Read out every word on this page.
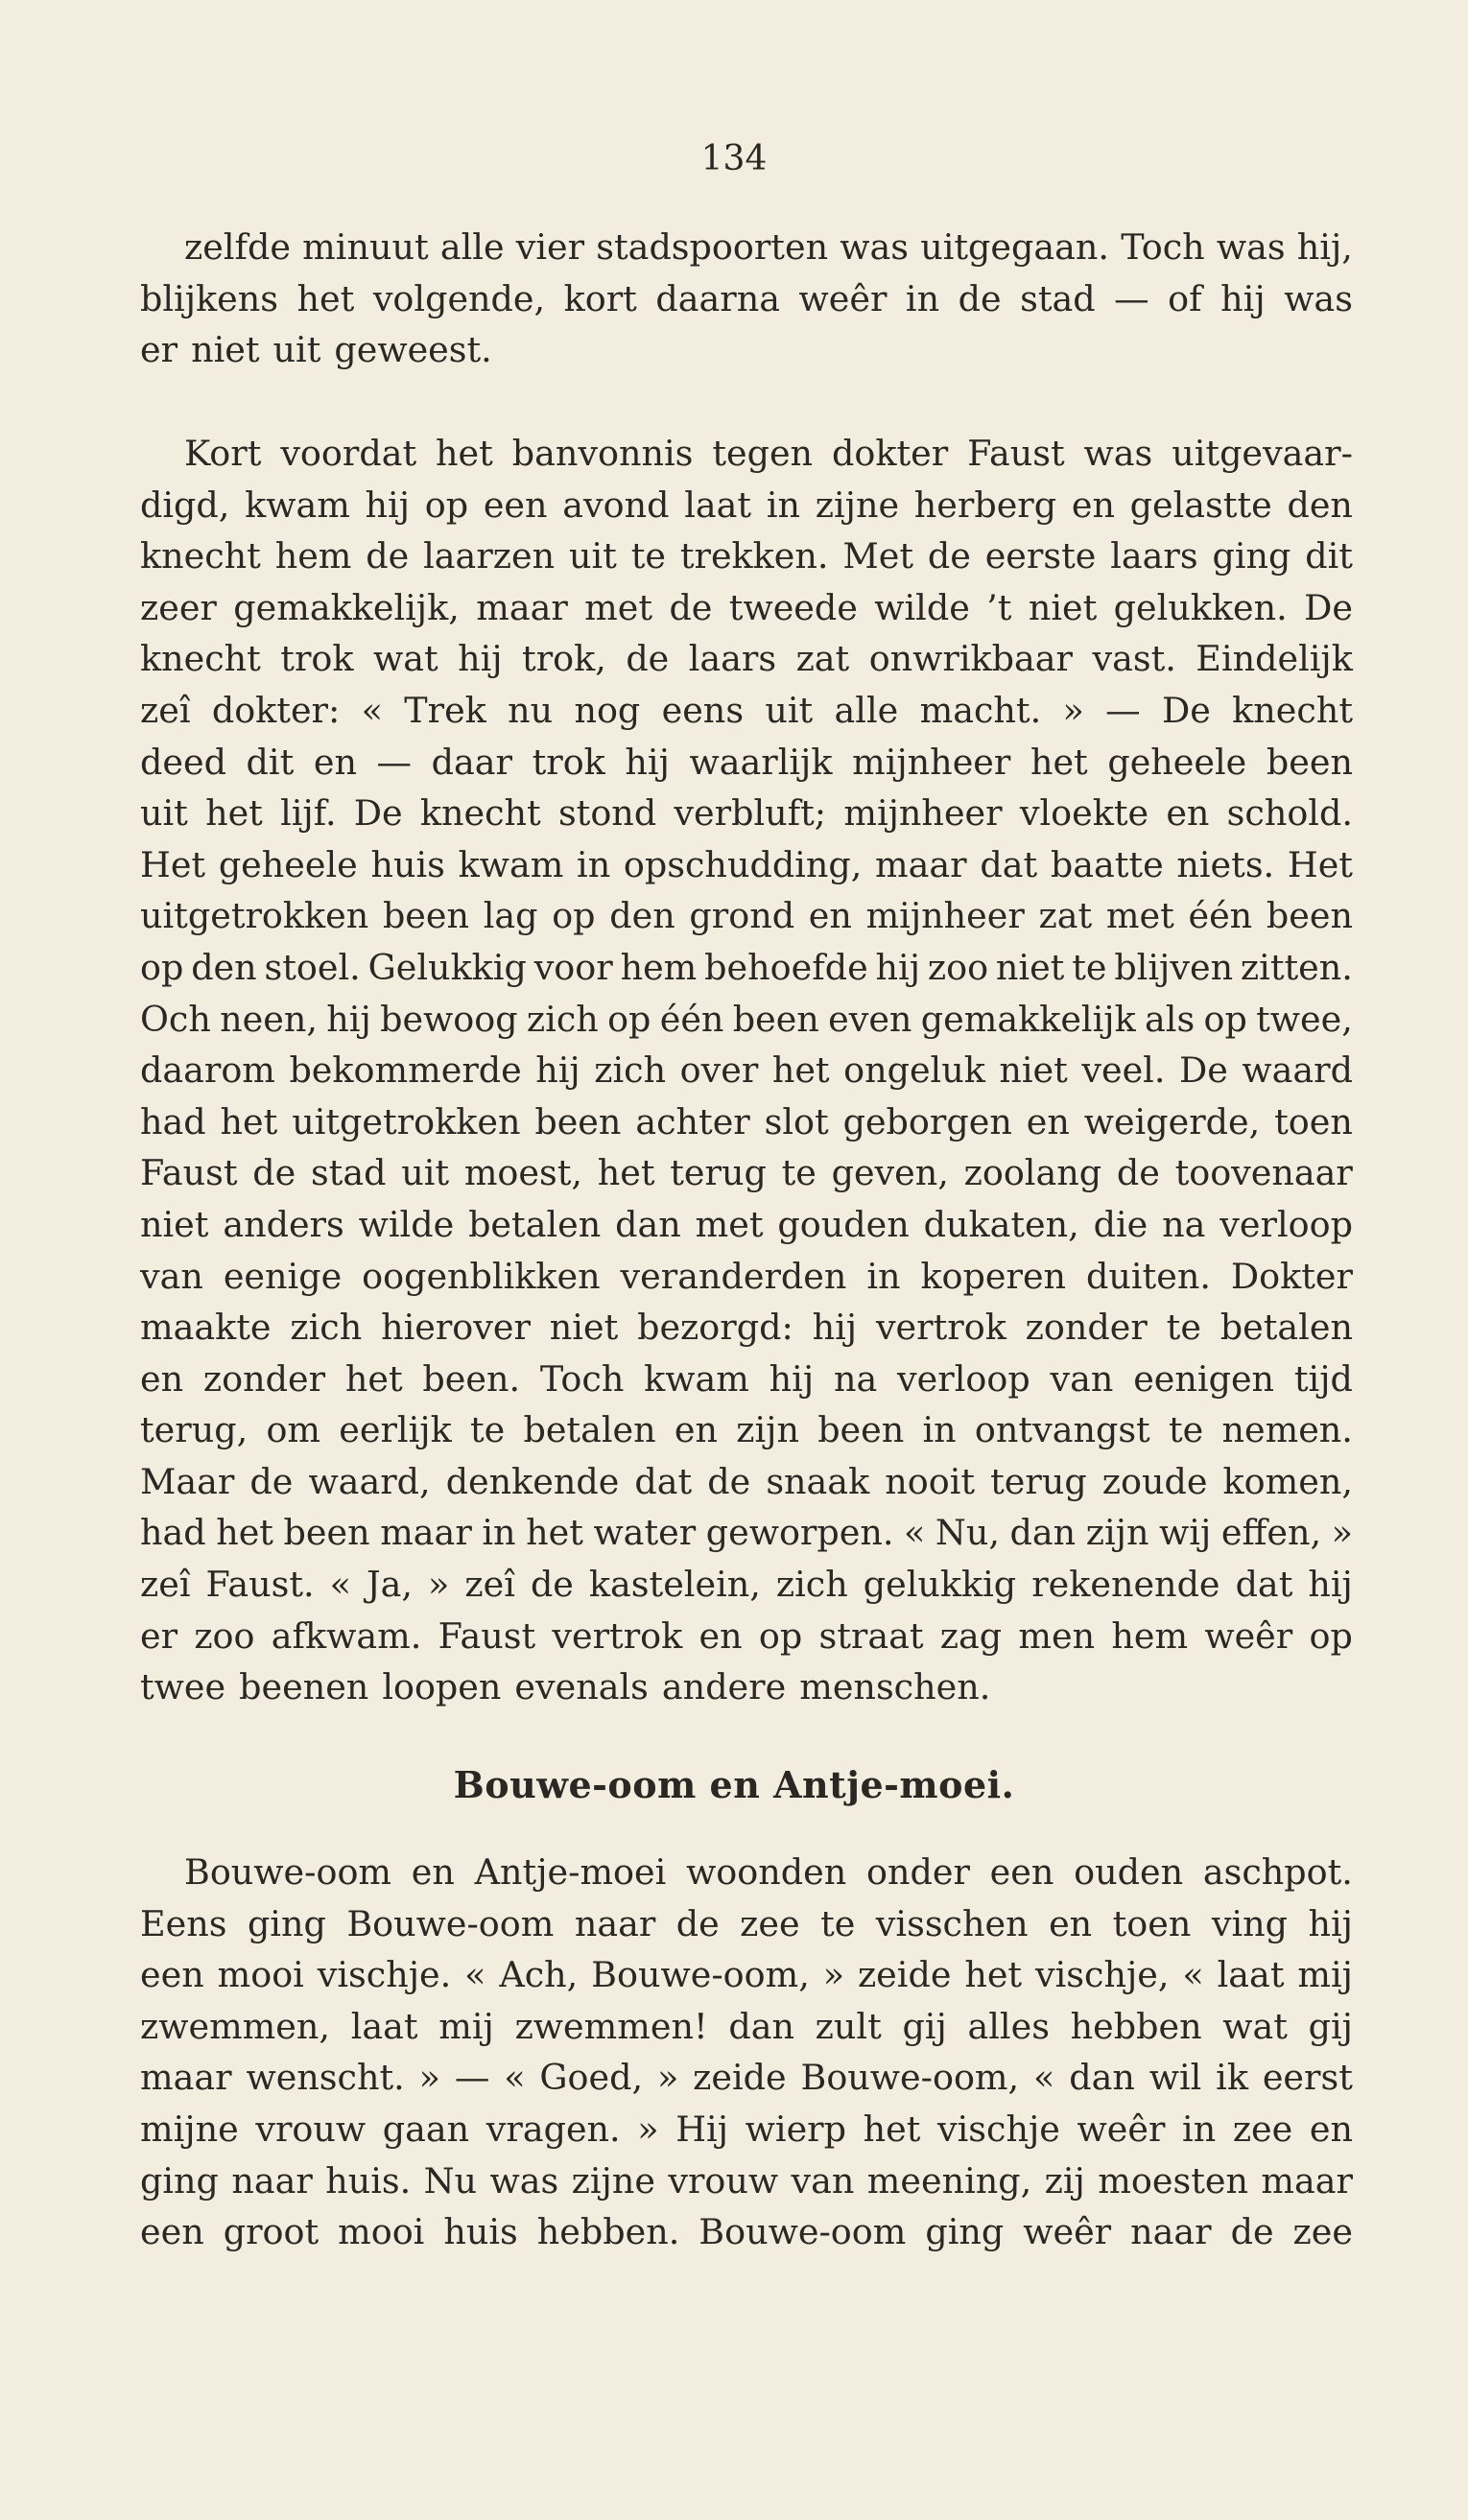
134
zelfde minuut alle vier stadspoorten was uitgegaan. Toch was hij,
blijkens het volgende, kort daarna weêr in de stad — of hij was
er niet uit geweest.
Kort voordat het banvonnis tegen dokter Faust was uitgevaar-
digd, kwam hij op een avond laat in zijne herberg en gelastte den
knecht hem de laarzen uit te trekken. Met de eerste laars ging dit
zeer gemakkelijk, maar met de tweede wilde ’t niet gelukken. De
knecht trok wat hij trok, de laars zat onwrikbaar vast. Eindelijk
zeî dokter: « Trek nu nog eens uit alle macht. » — De knecht
deed dit en — daar trok hij waarlijk mijnheer het geheele been
uit het lijf. De knecht stond verbluft; mijnheer vloekte en schold.
Het geheele huis kwam in opschudding, maar dat baatte niets. Het
uitgetrokken been lag op den grond en mijnheer zat met één been
op den stoel. Gelukkig voor hem behoefde hij zoo niet te blijven zitten.
Och neen, hij bewoog zich op één been even gemakkelijk als op twee,
daarom bekommerde hij zich over het ongeluk niet veel. De waard
had het uitgetrokken been achter slot geborgen en weigerde, toen
Faust de stad uit moest, het terug te geven, zoolang de toovenaar
niet anders wilde betalen dan met gouden dukaten, die na verloop
van eenige oogenblikken veranderden in koperen duiten. Dokter
maakte zich hierover niet bezorgd: hij vertrok zonder te betalen
en zonder het been. Toch kwam hij na verloop van eenigen tijd
terug, om eerlijk te betalen en zijn been in ontvangst te nemen.
Maar de waard, denkende dat de snaak nooit terug zoude komen,
had het been maar in het water geworpen. « Nu, dan zijn wij effen, »
zeî Faust. « Ja, » zeî de kastelein, zich gelukkig rekenende dat hij
er zoo afkwam. Faust vertrok en op straat zag men hem weêr op
twee beenen loopen evenals andere menschen.
Bouwe-oom en Antje-moei.
Bouwe-oom en Antje-moei woonden onder een ouden aschpot.
Eens ging Bouwe-oom naar de zee te visschen en toen ving hij
een mooi vischje. « Ach, Bouwe-oom, » zeide het vischje, « laat mij
zwemmen, laat mij zwemmen! dan zult gij alles hebben wat gij
maar wenscht. » — « Goed, » zeide Bouwe-oom, « dan wil ik eerst
mijne vrouw gaan vragen. » Hij wierp het vischje weêr in zee en
ging naar huis. Nu was zijne vrouw van meening, zij moesten maar
een groot mooi huis hebben. Bouwe-oom ging weêr naar de zee
